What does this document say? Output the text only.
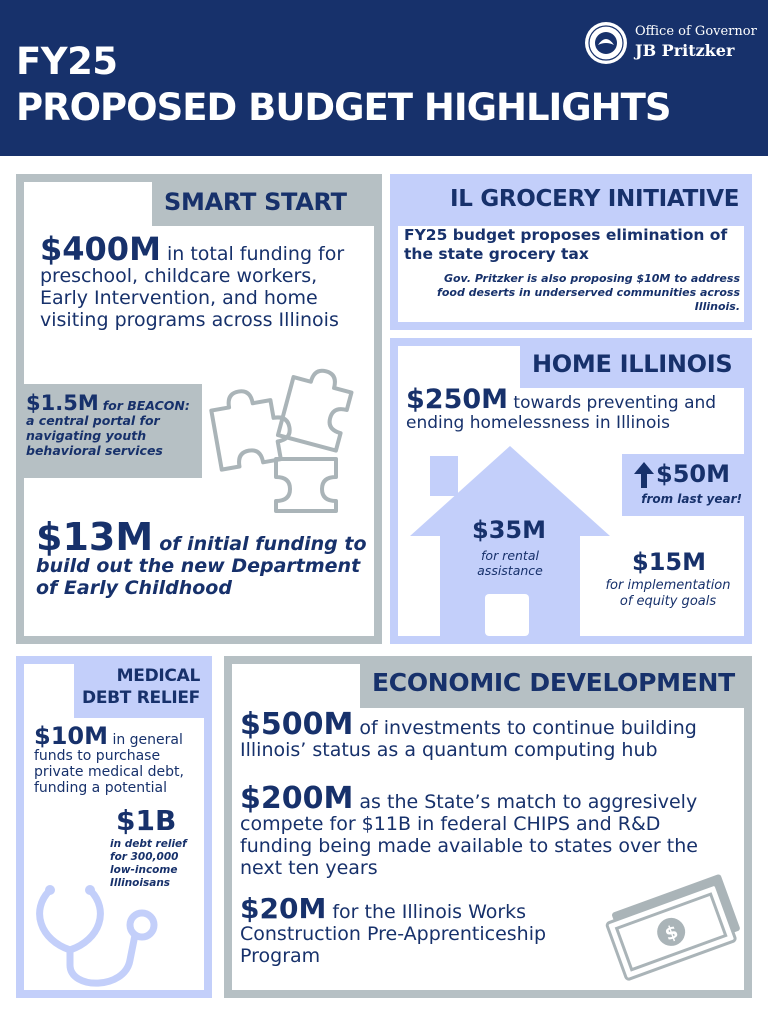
FY25
PROPOSED BUDGET HIGHLIGHTS
Office of Governor
JB Pritzker
SMART START
$400M in total funding for preschool, childcare workers, Early Intervention, and home visiting programs across Illinois
$1.5M for BEACON:
a central portal for navigating youth behavioral services
$13M of initial funding to
build out the new Department of Early Childhood
IL GROCERY INITIATIVE
FY25 budget proposes elimination of the state grocery tax
Gov. Pritzker is also proposing $10M to address food deserts in underserved communities across Illinois.
HOME ILLINOIS
$250M towards preventing and ending homelessness in Illinois
$50M
from last year!
$35M
for rental assistance	$15M
for implementation of equity goals
MEDICAL
DEBT RELIEF
$10M in general funds to purchase private medical debt, funding a potential
$1B
in debt relief for 300,000 low-income Illinoisans
ECONOMIC DEVELOPMENT
$500M of investments to continue building
Illinois’ status as a quantum computing hub
$200M as the State’s match to aggresively
compete for $11B in federal CHIPS and R&D funding being made available to states over the next ten years
$20M for the Illinois Works
Construction Pre-Apprenticeship Program
$
